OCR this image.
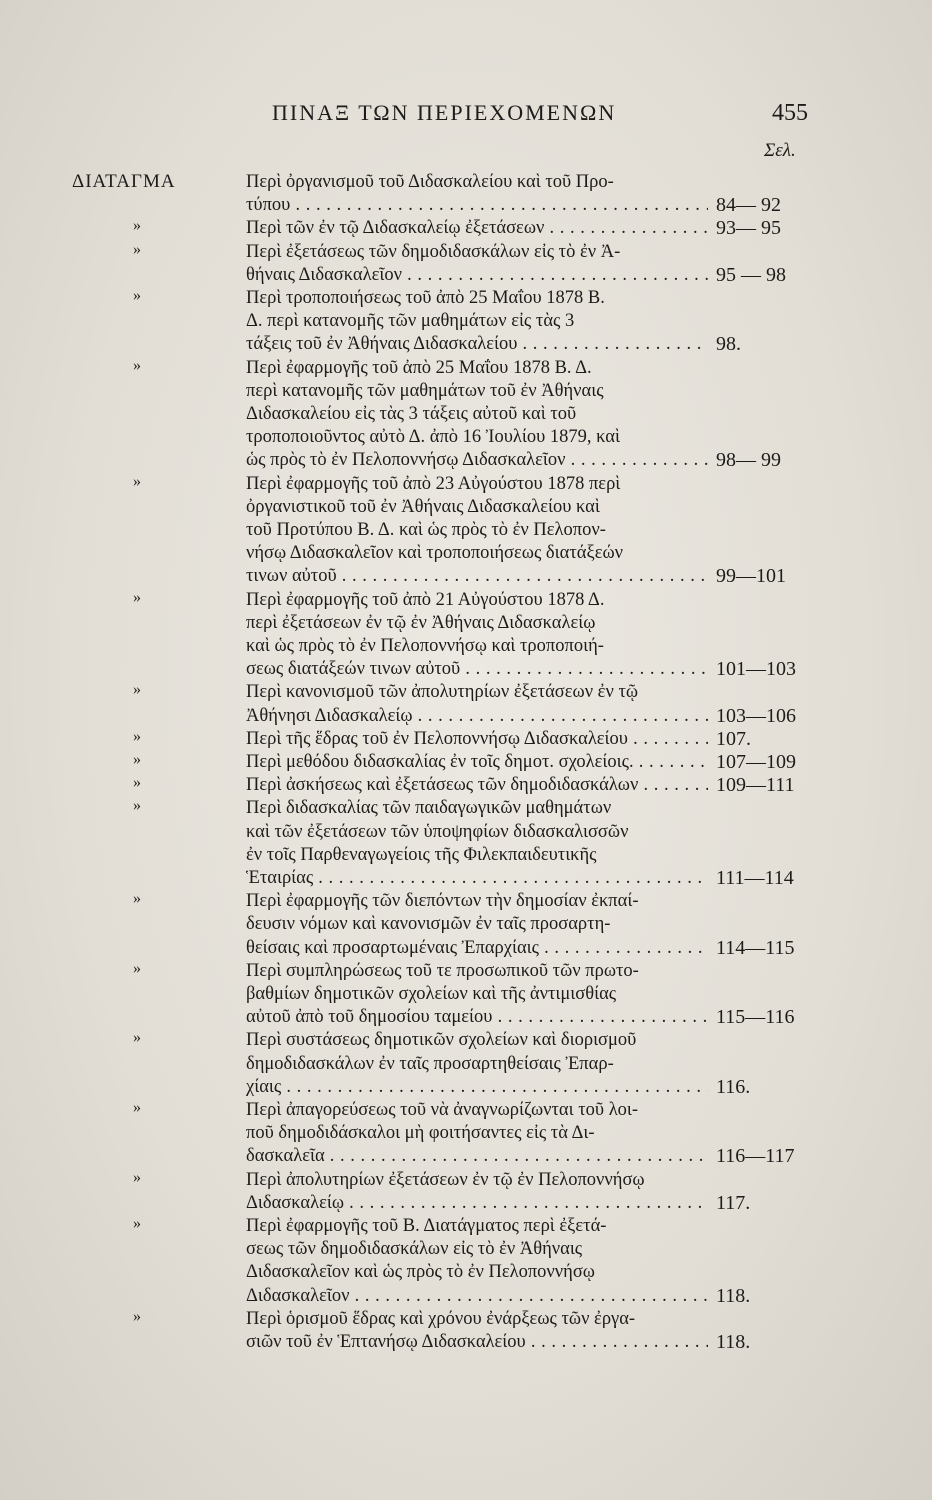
ΠΙΝΑΞ ΤΩΝ ΠΕΡΙΕΧΟΜΕΝΩΝ	455
Σελ.
ΔΙΑΤΑΓΜΑ	Περὶ ὀργανισμοῦ τοῦ Διδασκαλείου καὶ τοῦ Προ-
τύπου . . .	84— 92
»	Περὶ τῶν ἐν τῷ Διδασκαλείῳ ἐξετάσεων . . .	93— 95
»	Περὶ ἐξετάσεως τῶν δημοδιδασκάλων εἰς τὸ ἐν Ἀ-
θήναις Διδασκαλεῖον . . .	95 — 98
»	Περὶ τροποποιήσεως τοῦ ἀπὸ 25 Μαΐου 1878 Β.
Δ. περὶ κατανομῆς τῶν μαθημάτων εἰς τὰς 3
τάξεις τοῦ ἐν Ἀθήναις Διδασκαλείου . . .	98.
»	Περὶ ἐφαρμογῆς τοῦ ἀπὸ 25 Μαΐου 1878 Β. Δ.
περὶ κατανομῆς τῶν μαθημάτων τοῦ ἐν Ἀθήναις
Διδασκαλείου εἰς τὰς 3 τάξεις αὐτοῦ καὶ τοῦ
τροποποιοῦντος αὐτὸ Δ. ἀπὸ 16 Ἰουλίου 1879, καὶ
ὡς πρὸς τὸ ἐν Πελοποννήσῳ Διδασκαλεῖον . . .	98— 99
»	Περὶ ἐφαρμογῆς τοῦ ἀπὸ 23 Αὐγούστου 1878 περὶ
ὀργανιστικοῦ τοῦ ἐν Ἀθήναις Διδασκαλείου καὶ
τοῦ Προτύπου Β. Δ. καὶ ὡς πρὸς τὸ ἐν Πελοπον-
νήσῳ Διδασκαλεῖον καὶ τροποποιήσεως διατάξεών
τινων αὐτοῦ . . .	99—101
»	Περὶ ἐφαρμογῆς τοῦ ἀπὸ 21 Αὐγούστου 1878 Δ.
περὶ ἐξετάσεων ἐν τῷ ἐν Ἀθήναις Διδασκαλείῳ
καὶ ὡς πρὸς τὸ ἐν Πελοποννήσῳ καὶ τροποποιή-
σεως διατάξεών τινων αὐτοῦ . . .	101—103
»	Περὶ κανονισμοῦ τῶν ἀπολυτηρίων ἐξετάσεων ἐν τῷ
Ἀθήνησι Διδασκαλείῳ . . .	103—106
»	Περὶ τῆς ἕδρας τοῦ ἐν Πελοποννήσῳ Διδασκαλείου . . .	107.
»	Περὶ μεθόδου διδασκαλίας ἐν τοῖς δημοτ. σχολείοις. . . .	107—109
»	Περὶ ἀσκήσεως καὶ ἐξετάσεως τῶν δημοδιδασκάλων . . .	109—111
»	Περὶ διδασκαλίας τῶν παιδαγωγικῶν μαθημάτων
καὶ τῶν ἐξετάσεων τῶν ὑποψηφίων διδασκαλισσῶν
ἐν τοῖς Παρθεναγωγείοις τῆς Φιλεκπαιδευτικῆς
Ἑταιρίας . . .	111—114
»	Περὶ ἐφαρμογῆς τῶν διεπόντων τὴν δημοσίαν ἐκπαί-
δευσιν νόμων καὶ κανονισμῶν ἐν ταῖς προσαρτη-
θείσαις καὶ προσαρτωμέναις Ἐπαρχίαις . . .	114—115
»	Περὶ συμπληρώσεως τοῦ τε προσωπικοῦ τῶν πρωτο-
βαθμίων δημοτικῶν σχολείων καὶ τῆς ἀντιμισθίας
αὐτοῦ ἀπὸ τοῦ δημοσίου ταμείου . . .	115—116
»	Περὶ συστάσεως δημοτικῶν σχολείων καὶ διορισμοῦ
δημοδιδασκάλων ἐν ταῖς προσαρτηθείσαις Ἐπαρ-
χίαις . . .	116.
»	Περὶ ἀπαγορεύσεως τοῦ νὰ ἀναγνωρίζωνται τοῦ λοι-
ποῦ δημοδιδάσκαλοι μὴ φοιτήσαντες εἰς τὰ Δι-
δασκαλεῖα . . .	116—117
»	Περὶ ἀπολυτηρίων ἐξετάσεων ἐν τῷ ἐν Πελοποννήσῳ
Διδασκαλείῳ . . .	117.
»	Περὶ ἐφαρμογῆς τοῦ Β. Διατάγματος περὶ ἐξετά-
σεως τῶν δημοδιδασκάλων εἰς τὸ ἐν Ἀθήναις
Διδασκαλεῖον καὶ ὡς πρὸς τὸ ἐν Πελοποννήσῳ
Διδασκαλεῖον . . .	118.
»	Περὶ ὁρισμοῦ ἕδρας καὶ χρόνου ἐνάρξεως τῶν ἐργα-
σιῶν τοῦ ἐν Ἑπτανήσῳ Διδασκαλείου . . .	118.
